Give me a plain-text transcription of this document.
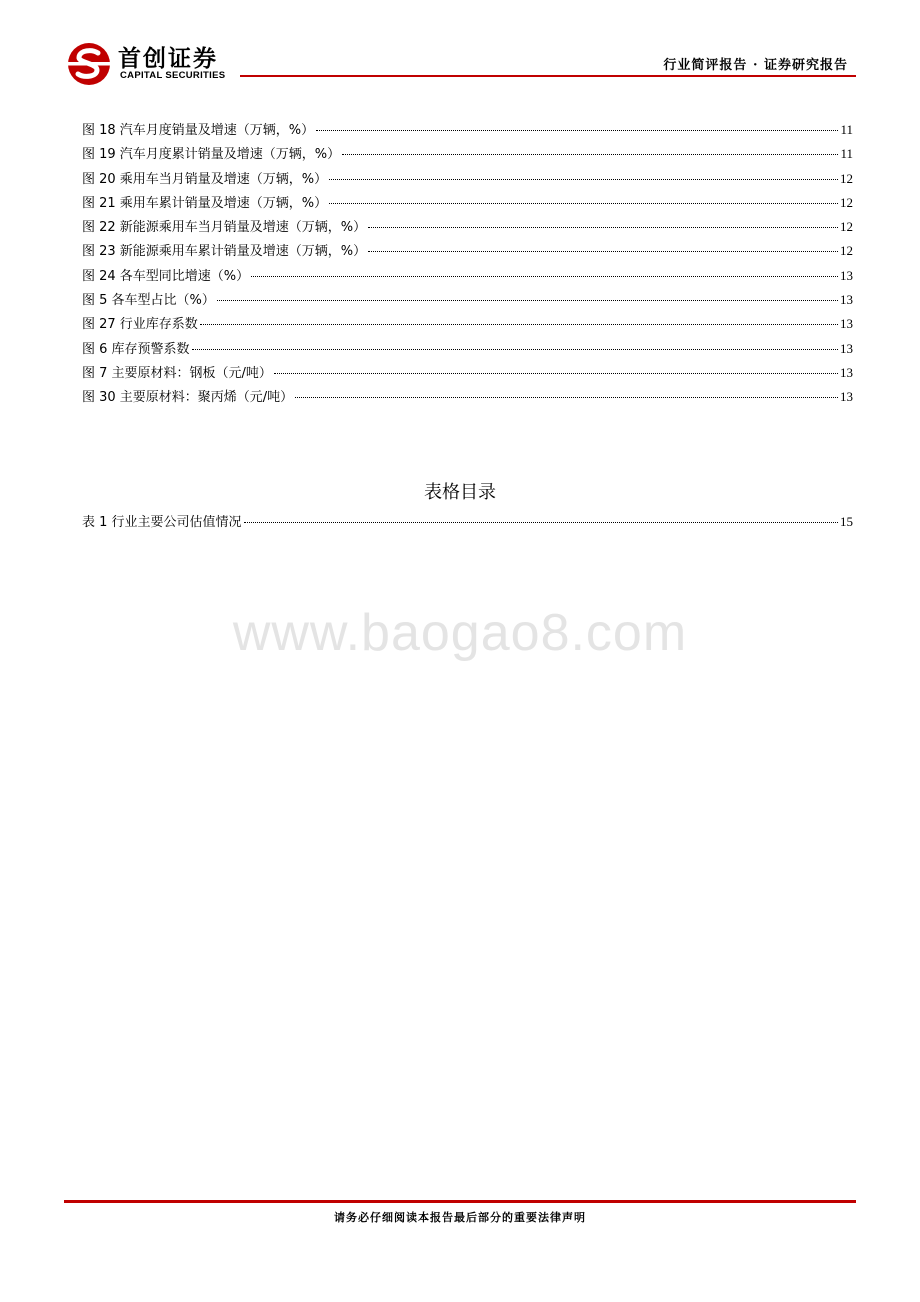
首创证券
CAPITAL SECURITIES
行业简评报告 · 证券研究报告
图 18 汽车月度销量及增速（万辆，%）	11
图 19 汽车月度累计销量及增速（万辆，%）	11
图 20 乘用车当月销量及增速（万辆，%）	12
图 21 乘用车累计销量及增速（万辆，%）	12
图 22 新能源乘用车当月销量及增速（万辆，%）	12
图 23 新能源乘用车累计销量及增速（万辆，%）	12
图 24 各车型同比增速（%）	13
图 5 各车型占比（%）	13
图 27 行业库存系数	13
图 6 库存预警系数	13
图 7 主要原材料：钢板（元/吨）	13
图 30 主要原材料：聚丙烯（元/吨）	13
表格目录
表 1 行业主要公司估值情况	15
www.baogao8.com
请务必仔细阅读本报告最后部分的重要法律声明
